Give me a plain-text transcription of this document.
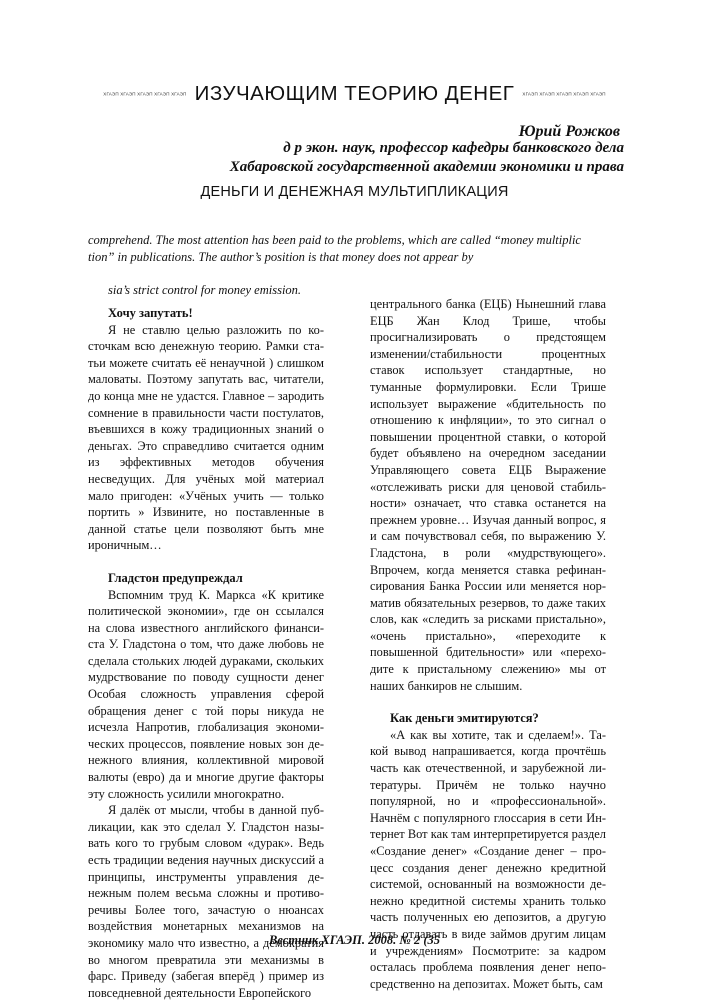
ХГАЭП ХГАЭП ХГАЭП ХГАЭП ХГАЭП ИЗУЧАЮЩИМ ТЕОРИЮ ДЕНЕГ ХГАЭП ХГАЭП ХГАЭП ХГАЭП ХГАЭП
Юрий Рожков
д р экон. наук, профессор кафедры банковского дела
Хабаровской государственной академии экономики и права
ДЕНЬГИ И ДЕНЕЖНАЯ МУЛЬТИПЛИКАЦИЯ

comprehend. The most attention has been paid to the problems, which are called “money multiplic

tion” in publications. The author’s position is that money does not appear by

sia’s strict control for money emission.

Хочу запутать!

Я не ставлю целью разложить по косточкам всю денежную теорию. Рамки статьи можете считать её ненаучной ) слишком маловаты. Поэтому запутать вас, читатели, до конца мне не удастся. Главное – зародить сомнение в правильности части постулатов, въевшихся в кожу традиционных знаний о деньгах. Это справедливо считается одним из эффективных методов обучения несведущих. Для учёных мой материал мало пригоден: «Учёных учить — только портить » Извините, но поставленные в данной статье цели позволяют быть мне ироничным…

Гладстон предупреждал

Вспомним труд К. Маркса «К критике политической экономии», где он ссылался на слова известного английского финансиста У. Гладстона о том, что даже любовь не сделала стольких людей дураками, скольких мудрствование по поводу сущности денег Особая сложность управления сферой обращения денег с той поры никуда не исчезла Напротив, глобализация экономических процессов, появление новых зон денежного влияния, коллективной мировой валюты (евро) да и многие другие факторы эту сложность усилили многократно.

Я далёк от мысли, чтобы в данной публикации, как это сделал У. Гладстон называть кого то грубым словом «дурак». Ведь есть традиции ведения научных дискуссий а принципы, инструменты управления денежным полем весьма сложны и противоречивы Более того, зачастую о нюансах воздействия монетарных механизмов на экономику мало что известно, а демократия во многом превратила эти механизмы в фарс. Приведу (забегая вперёд ) пример из повседневной деятельности Европейского

центрального банка (ЕЦБ) Нынешний глава ЕЦБ Жан Клод Трише, чтобы просигнализировать о предстоящем изменении/стабильности процентных ставок использует стандартные, но туманные формулировки. Если Трише использует выражение «бдительность по отношению к инфляции», то это сигнал о повышении процентной ставки, о которой будет объявлено на очередном заседании Управляющего совета ЕЦБ Выражение «отслеживать риски для ценовой стабильности» означает, что ставка останется на прежнем уровне… Изучая данный вопрос, я и сам почувствовал себя, по выражению У. Гладстона, в роли «мудрствующего». Впрочем, когда меняется ставка рефинансирования Банка России или меняется норматив обязательных резервов, то даже таких слов, как «следить за рисками пристально», «очень пристально», «переходите к повышенной бдительности» или «переходите к пристальному слежению» мы от наших банкиров не слышим.

Как деньги эмитируются?

«А как вы хотите, так и сделаем!». Такой вывод напрашивается, когда прочтёшь часть как отечественной, и зарубежной литературы. Причём не только научно популярной, но и «профессиональной». Начнём с популярного глоссария в сети Интернет Вот как там интерпретируется раздел «Создание денег» «Создание денег – процесс создания денег денежно кредитной системой, основанный на возможности денежно кредитной системы хранить только часть полученных ею депозитов, а другую часть отдавать в виде займов другим лицам и учреждениям» Посмотрите: за кадром осталась проблема появления денег непосредственно на депозитах. Может быть, сам

Вестник ХГАЭП. 2008. № 2 (35
